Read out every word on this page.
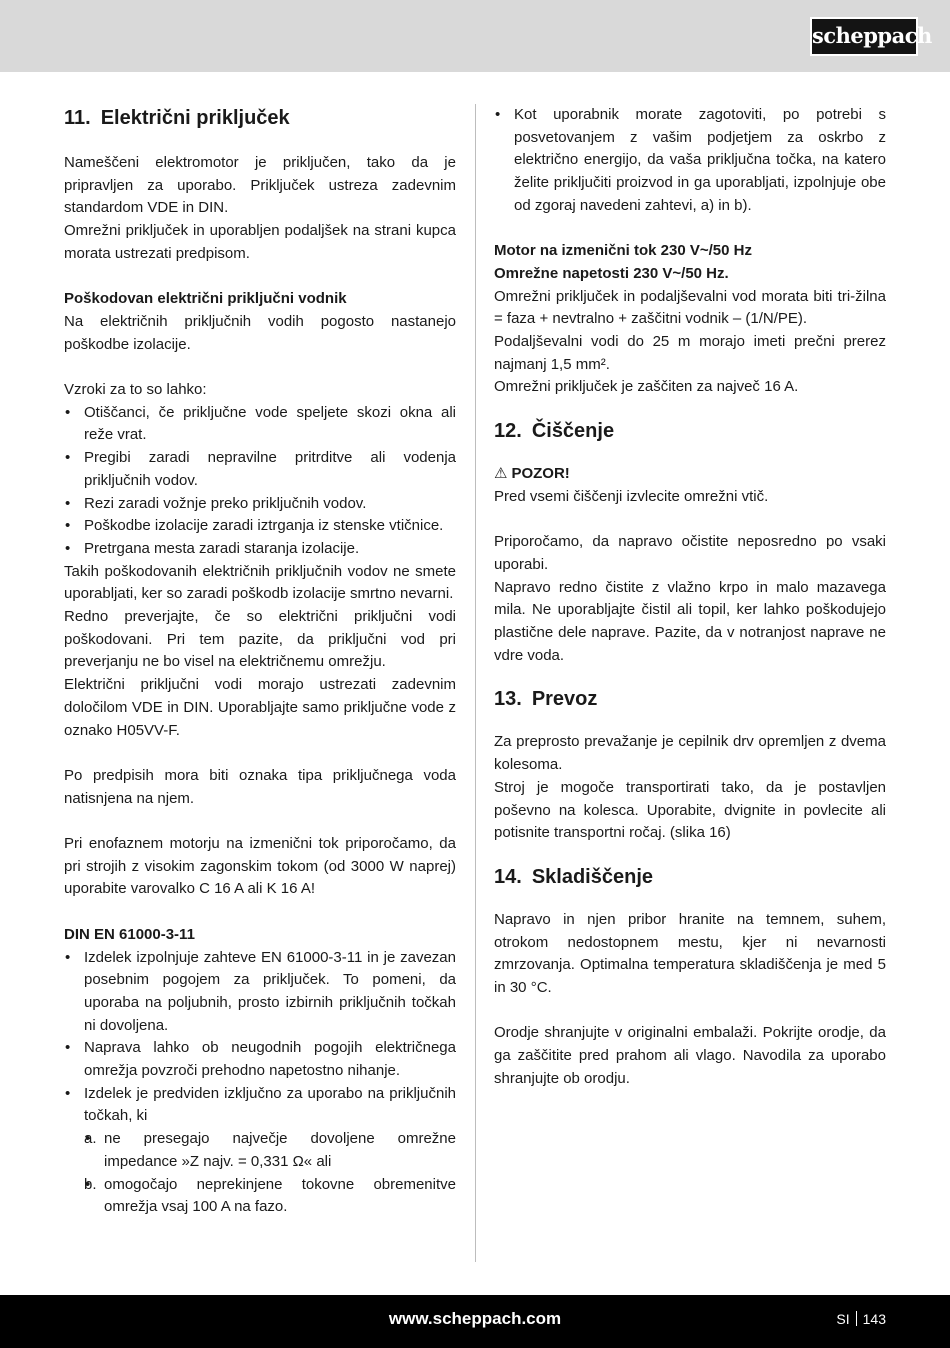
scheppach
11. Električni priključek

Nameščeni elektromotor je priključen, tako da je pripravljen za uporabo. Priključek ustreza zadevnim standardom VDE in DIN.

Omrežni priključek in uporabljen podaljšek na strani kupca morata ustrezati predpisom.

Poškodovan električni priključni vodnik

Na električnih priključnih vodih pogosto nastanejo poškodbe izolacije.

Vzroki za to so lahko:

• Otiščanci, če priključne vode speljete skozi okna ali reže vrat.
• Pregibi zaradi nepravilne pritrditve ali vodenja priključnih vodov.
• Rezi zaradi vožnje preko priključnih vodov.
• Poškodbe izolacije zaradi iztrganja iz stenske vtičnice.
• Pretrgana mesta zaradi staranja izolacije.

Takih poškodovanih električnih priključnih vodov ne smete uporabljati, ker so zaradi poškodb izolacije smrtno nevarni.

Redno preverjajte, če so električni priključni vodi poškodovani. Pri tem pazite, da priključni vod pri preverjanju ne bo visel na električnemu omrežju.

Električni priključni vodi morajo ustrezati zadevnim določilom VDE in DIN. Uporabljajte samo priključne vode z oznako H05VV-F.

Po predpisih mora biti oznaka tipa priključnega voda natisnjena na njem.

Pri enofaznem motorju na izmenični tok priporočamo, da pri strojih z visokim zagonskim tokom (od 3000 W naprej) uporabite varovalko C 16 A ali K 16 A!

DIN EN 61000-3-11

• Izdelek izpolnjuje zahteve EN 61000-3-11 in je zavezan posebnim pogojem za priključek. To pomeni, da uporaba na poljubnih, prosto izbirnih priključnih točkah ni dovoljena.
• Naprava lahko ob neugodnih pogojih električnega omrežja povzroči prehodno napetostno nihanje.
• Izdelek je predviden izključno za uporabo na priključnih točkah, ki
• a. ne presegajo največje dovoljene omrežne impedance »Z najv. = 0,331 Ω« ali
• b. omogočajo neprekinjene tokovne obremenitve omrežja vsaj 100 A na fazo.
• Kot uporabnik morate zagotoviti, po potrebi s posvetovanjem z vašim podjetjem za oskrbo z električno energijo, da vaša priključna točka, na katero želite priključiti proizvod in ga uporabljati, izpolnjuje obe od zgoraj navedeni zahtevi, a) in b).

Motor na izmenični tok 230 V~/50 Hz

Omrežne napetosti 230 V~/50 Hz.

Omrežni priključek in podaljševalni vod morata biti tri-žilna = faza + nevtralno + zaščitni vodnik – (1/N/PE).

Podaljševalni vodi do 25 m morajo imeti prečni prerez najmanj 1,5 mm².

Omrežni priključek je zaščiten za največ 16 A.

12. Čiščenje

⚠ POZOR!

Pred vsemi čiščenji izvlecite omrežni vtič.

Priporočamo, da napravo očistite neposredno po vsaki uporabi.

Napravo redno čistite z vlažno krpo in malo mazavega mila. Ne uporabljajte čistil ali topil, ker lahko poškodujejo plastične dele naprave. Pazite, da v notranjost naprave ne vdre voda.

13. Prevoz

Za preprosto prevažanje je cepilnik drv opremljen z dvema kolesoma.

Stroj je mogoče transportirati tako, da je postavljen poševno na kolesca. Uporabite, dvignite in povlecite ali potisnite transportni ročaj. (slika 16)

14. Skladiščenje

Napravo in njen pribor hranite na temnem, suhem, otrokom nedostopnem mestu, kjer ni nevarnosti zmrzovanja. Optimalna temperatura skladiščenja je med 5 in 30 °C.

Orodje shranjujte v originalni embalaži. Pokrijte orodje, da ga zaščitite pred prahom ali vlago. Navodila za uporabo shranjujte ob orodju.

www.scheppach.com	SI 143
